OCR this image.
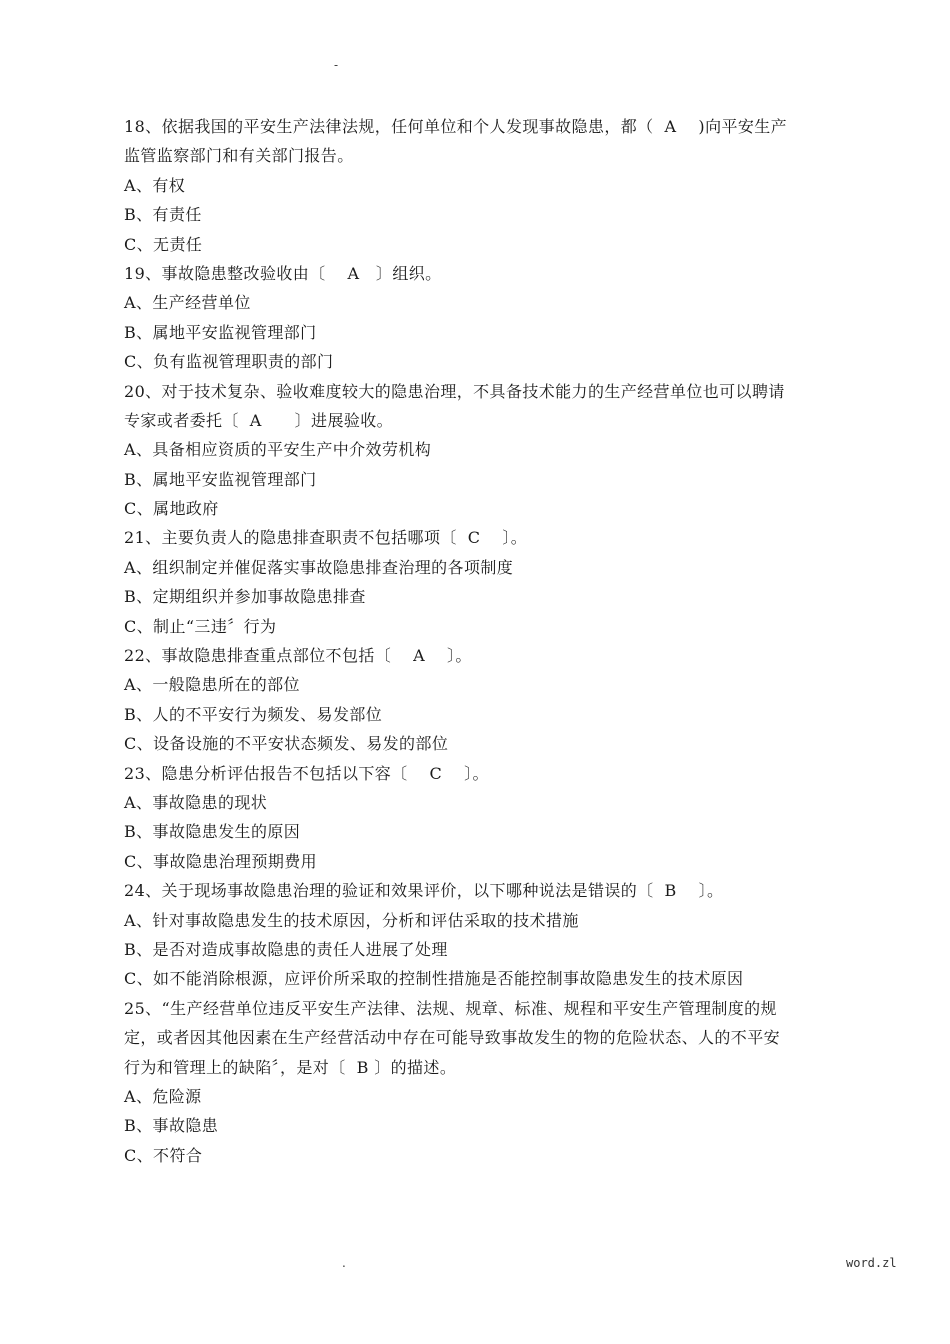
-
18、依据我国的平安生产法律法规，任何单位和个人发现事故隐患，都（  A    )向平安生产
监管监察部门和有关部门报告。
A、有权
B、有责任
C、无责任
19、事故隐患整改验收由〔    A   〕组织。
A、生产经营单位
B、属地平安监视管理部门
C、负有监视管理职责的部门
20、对于技术复杂、验收难度较大的隐患治理，不具备技术能力的生产经营单位也可以聘请
专家或者委托〔  A      〕进展验收。
A、具备相应资质的平安生产中介效劳机构
B、属地平安监视管理部门
C、属地政府
21、主要负责人的隐患排查职责不包括哪项〔  C    〕。
A、组织制定并催促落实事故隐患排查治理的各项制度
B、定期组织并参加事故隐患排查
C、制止“三违〞行为
22、事故隐患排查重点部位不包括〔    A    〕。
A、一般隐患所在的部位
B、人的不平安行为频发、易发部位
C、设备设施的不平安状态频发、易发的部位
23、隐患分析评估报告不包括以下容〔    C    〕。
A、事故隐患的现状
B、事故隐患发生的原因
C、事故隐患治理预期费用
24、关于现场事故隐患治理的验证和效果评价，以下哪种说法是错误的〔  B    〕。
A、针对事故隐患发生的技术原因，分析和评估采取的技术措施
B、是否对造成事故隐患的责任人进展了处理
C、如不能消除根源，应评价所采取的控制性措施是否能控制事故隐患发生的技术原因
25、“生产经营单位违反平安生产法律、法规、规章、标准、规程和平安生产管理制度的规
定，或者因其他因素在生产经营活动中存在可能导致事故发生的物的危险状态、人的不平安
行为和管理上的缺陷〞，是对〔  B 〕的描述。
A、危险源
B、事故隐患
C、不符合
.	word.zl
